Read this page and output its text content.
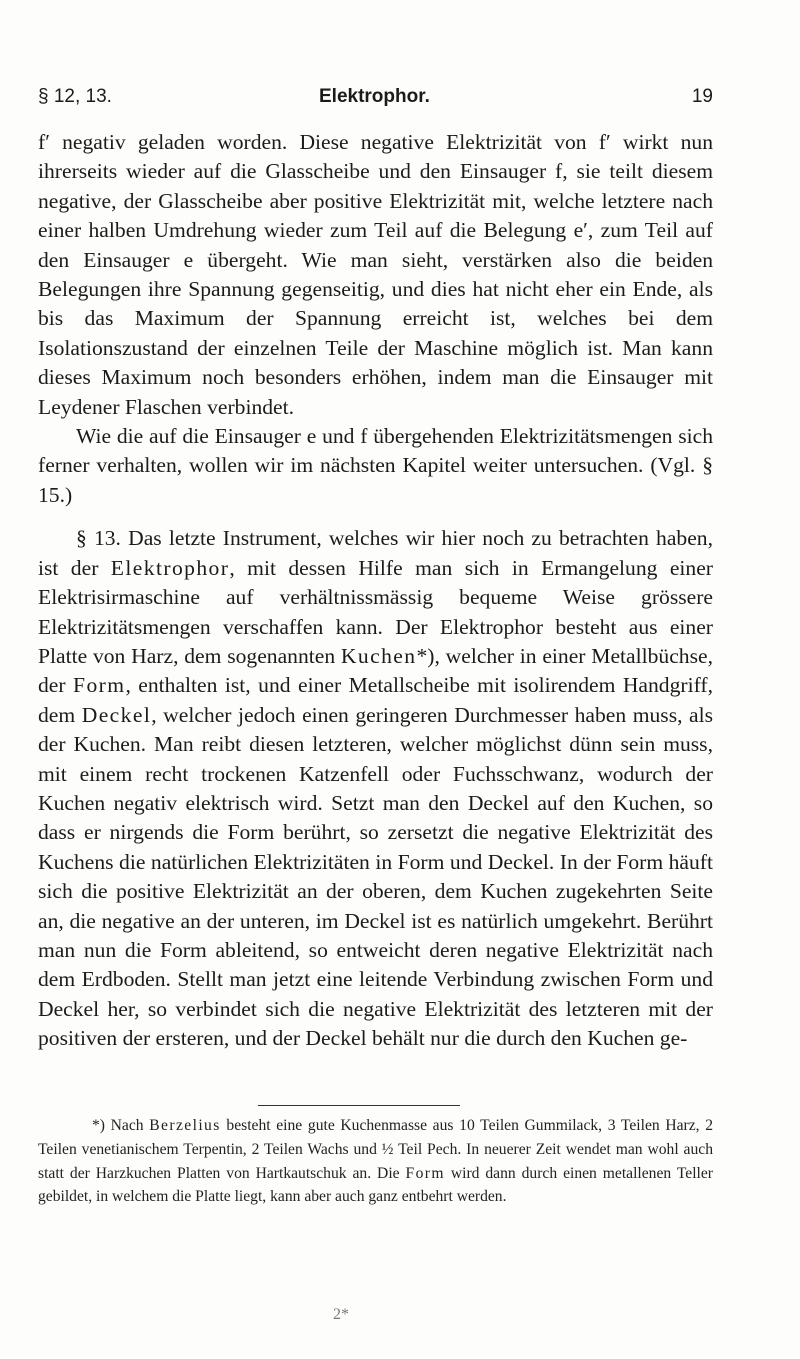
§ 12, 13.	Elektrophor.	19

f′ negativ geladen worden. Diese negative Elektrizität von f′ wirkt nun ihrerseits wieder auf die Glasscheibe und den Einsauger f, sie teilt diesem negative, der Glasscheibe aber positive Elektrizität mit, welche letztere nach einer halben Umdrehung wieder zum Teil auf die Belegung e′, zum Teil auf den Einsauger e übergeht. Wie man sieht, verstärken also die beiden Belegungen ihre Spannung gegenseitig, und dies hat nicht eher ein Ende, als bis das Maximum der Spannung erreicht ist, welches bei dem Isolationszustand der einzelnen Teile der Maschine möglich ist. Man kann dieses Maximum noch besonders erhöhen, indem man die Einsauger mit Leydener Flaschen verbindet.

Wie die auf die Einsauger e und f übergehenden Elektrizitätsmengen sich ferner verhalten, wollen wir im nächsten Kapitel weiter untersuchen. (Vgl. § 15.)

§ 13. Das letzte Instrument, welches wir hier noch zu betrachten haben, ist der Elektrophor, mit dessen Hilfe man sich in Ermangelung einer Elektrisirmaschine auf verhältnissmässig bequeme Weise grössere Elektrizitätsmengen verschaffen kann. Der Elektrophor besteht aus einer Platte von Harz, dem sogenannten Kuchen*), welcher in einer Metallbüchse, der Form, enthalten ist, und einer Metallscheibe mit isolirendem Handgriff, dem Deckel, welcher jedoch einen geringeren Durchmesser haben muss, als der Kuchen. Man reibt diesen letzteren, welcher möglichst dünn sein muss, mit einem recht trockenen Katzenfell oder Fuchsschwanz, wodurch der Kuchen negativ elektrisch wird. Setzt man den Deckel auf den Kuchen, so dass er nirgends die Form berührt, so zersetzt die negative Elektrizität des Kuchens die natürlichen Elektrizitäten in Form und Deckel. In der Form häuft sich die positive Elektrizität an der oberen, dem Kuchen zugekehrten Seite an, die negative an der unteren, im Deckel ist es natürlich umgekehrt. Berührt man nun die Form ableitend, so entweicht deren negative Elektrizität nach dem Erdboden. Stellt man jetzt eine leitende Verbindung zwischen Form und Deckel her, so verbindet sich die negative Elektrizität des letzteren mit der positiven der ersteren, und der Deckel behält nur die durch den Kuchen ge-

*) Nach Berzelius besteht eine gute Kuchenmasse aus 10 Teilen Gummilack, 3 Teilen Harz, 2 Teilen venetianischem Terpentin, 2 Teilen Wachs und ½ Teil Pech. In neuerer Zeit wendet man wohl auch statt der Harzkuchen Platten von Hartkautschuk an. Die Form wird dann durch einen metallenen Teller gebildet, in welchem die Platte liegt, kann aber auch ganz entbehrt werden.

2*
